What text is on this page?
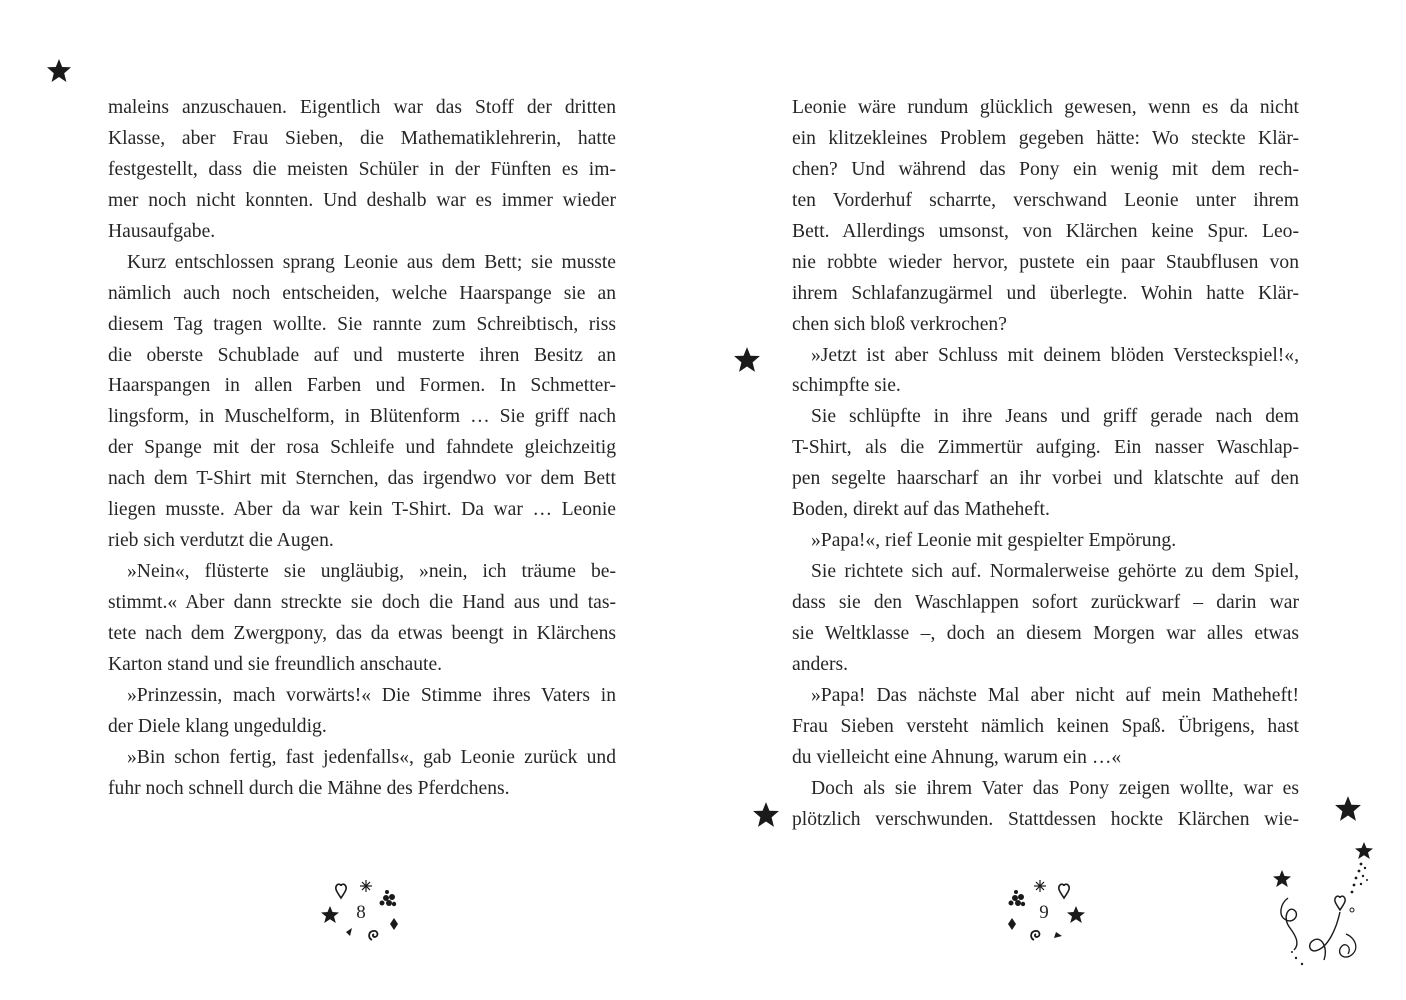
maleins anzuschauen. Eigentlich war das Stoff der dritten
Klasse, aber Frau Sieben, die Mathematiklehrerin, hatte
festgestellt, dass die meisten Schüler in der Fünften es im-
mer noch nicht konnten. Und deshalb war es immer wieder
Hausaufgabe.
Kurz entschlossen sprang Leonie aus dem Bett; sie musste
nämlich auch noch entscheiden, welche Haarspange sie an
diesem Tag tragen wollte. Sie rannte zum Schreibtisch, riss
die oberste Schublade auf und musterte ihren Besitz an
Haarspangen in allen Farben und Formen. In Schmetter-
lingsform, in Muschelform, in Blütenform … Sie griff nach
der Spange mit der rosa Schleife und fahndete gleichzeitig
nach dem T-Shirt mit Sternchen, das irgendwo vor dem Bett
liegen musste. Aber da war kein T-Shirt. Da war … Leonie
rieb sich verdutzt die Augen.
»Nein«, flüsterte sie ungläubig, »nein, ich träume be-
stimmt.« Aber dann streckte sie doch die Hand aus und tas-
tete nach dem Zwergpony, das da etwas beengt in Klärchens
Karton stand und sie freundlich anschaute.
»Prinzessin, mach vorwärts!« Die Stimme ihres Vaters in
der Diele klang ungeduldig.
»Bin schon fertig, fast jedenfalls«, gab Leonie zurück und
fuhr noch schnell durch die Mähne des Pferdchens.
Leonie wäre rundum glücklich gewesen, wenn es da nicht
ein klitzekleines Problem gegeben hätte: Wo steckte Klär-
chen? Und während das Pony ein wenig mit dem rech-
ten Vorderhuf scharrte, verschwand Leonie unter ihrem
Bett. Allerdings umsonst, von Klärchen keine Spur. Leo-
nie robbte wieder hervor, pustete ein paar Staubflusen von
ihrem Schlafanzugärmel und überlegte. Wohin hatte Klär-
chen sich bloß verkrochen?
»Jetzt ist aber Schluss mit deinem blöden Versteckspiel!«,
schimpfte sie.
Sie schlüpfte in ihre Jeans und griff gerade nach dem
T-Shirt, als die Zimmertür aufging. Ein nasser Waschlap-
pen segelte haarscharf an ihr vorbei und klatschte auf den
Boden, direkt auf das Matheheft.
»Papa!«, rief Leonie mit gespielter Empörung.
Sie richtete sich auf. Normalerweise gehörte zu dem Spiel,
dass sie den Waschlappen sofort zurückwarf – darin war
sie Weltklasse –, doch an diesem Morgen war alles etwas
anders.
»Papa! Das nächste Mal aber nicht auf mein Matheheft!
Frau Sieben versteht nämlich keinen Spaß. Übrigens, hast
du vielleicht eine Ahnung, warum ein …«
Doch als sie ihrem Vater das Pony zeigen wollte, war es
plötzlich verschwunden. Stattdessen hockte Klärchen wie-
8	9
